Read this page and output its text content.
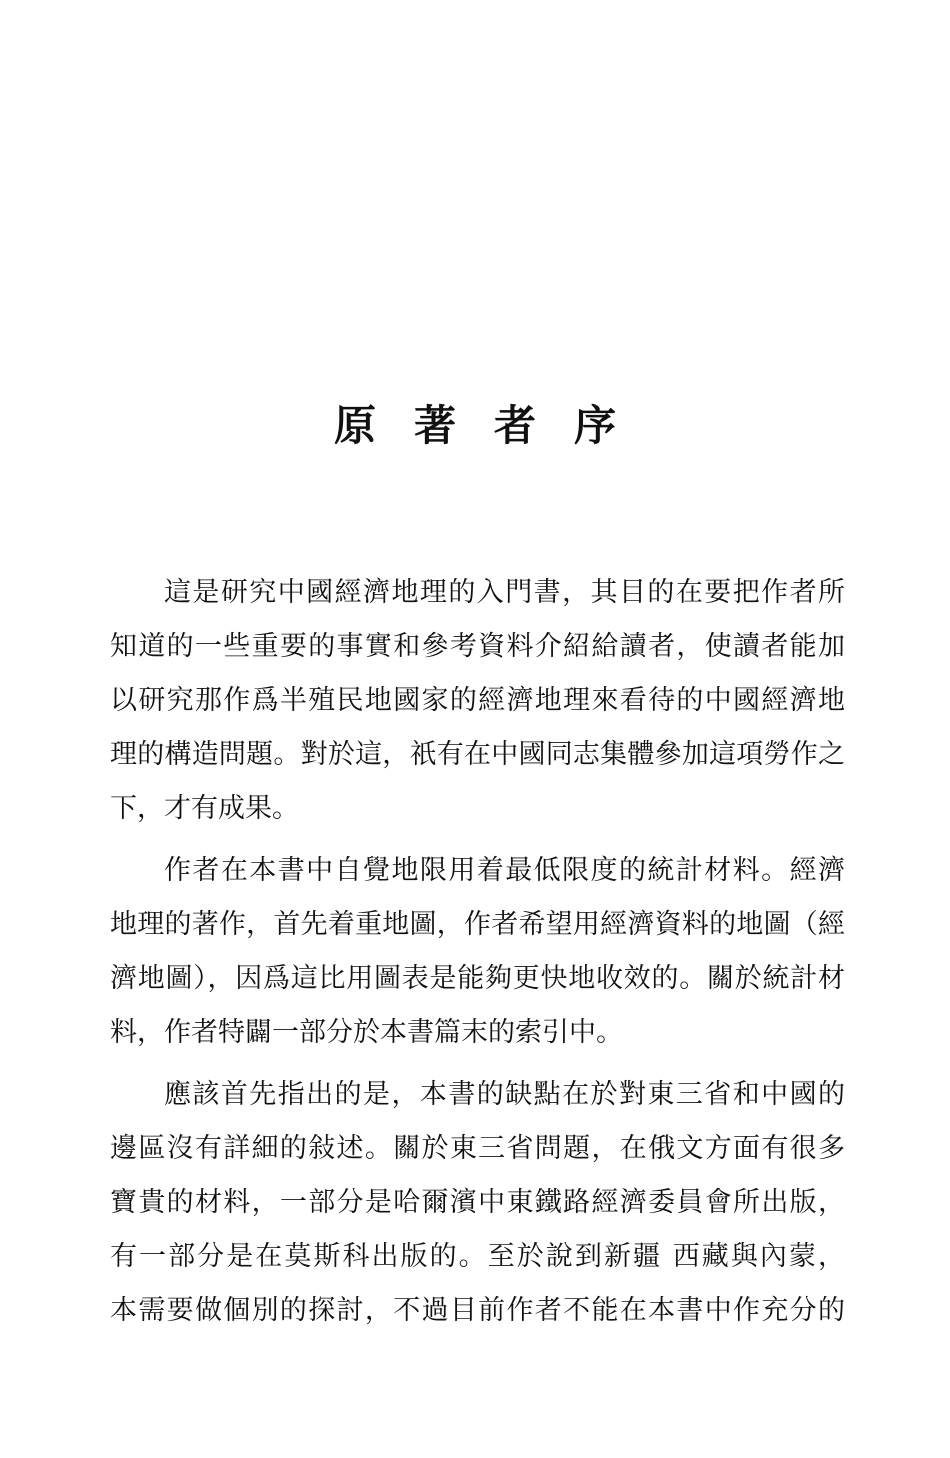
原著者序
這是研究中國經濟地理的入門書，其目的在要把作者所
知道的一些重要的事實和參考資料介紹給讀者，使讀者能加
以研究那作爲半殖民地國家的經濟地理來看待的中國經濟地
理的構造問題。對於這，祇有在中國同志集體參加這項勞作之
下，才有成果。
作者在本書中自覺地限用着最低限度的統計材料。經濟
地理的著作，首先着重地圖，作者希望用經濟資料的地圖（經
濟地圖），因爲這比用圖表是能夠更快地收效的。關於統計材
料，作者特闢一部分於本書篇末的索引中。
應該首先指出的是，本書的缺點在於對東三省和中國的
邊區沒有詳細的敍述。關於東三省問題，在俄文方面有很多
寶貴的材料，一部分是哈爾濱中東鐵路經濟委員會所出版，
有一部分是在莫斯科出版的。至於說到新疆 西藏與內蒙，
本需要做個別的探討，不過目前作者不能在本書中作充分的
